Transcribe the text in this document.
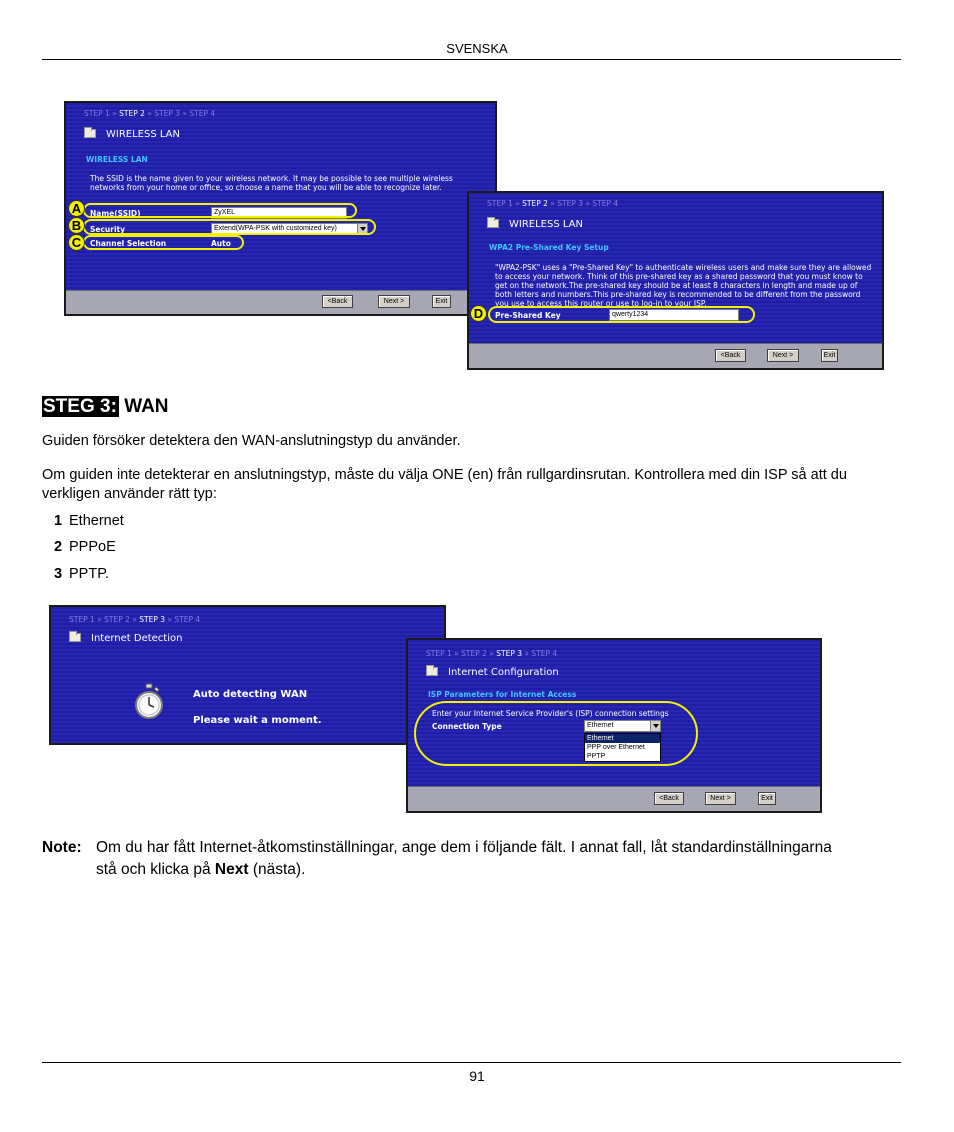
SVENSKA
STEP 1 » STEP 2 » STEP 3 » STEP 4
WIRELESS LAN
WIRELESS LAN
The SSID is the name given to your wireless network. It may be possible to see multiple wireless networks from your home or office, so choose a name that you will be able to recognize later.
Name(SSID)	ZyXEL
Security	Extend(WPA-PSK with customized key)
Channel Selection	Auto
<Back	Next >	Exit
A
B
C
STEP 1 » STEP 2 » STEP 3 » STEP 4
WIRELESS LAN
WPA2 Pre-Shared Key Setup
"WPA2-PSK" uses a "Pre-Shared Key" to authenticate wireless users and make sure they are allowed to access your network. Think of this pre-shared key as a shared password that you must know to get on the network.The pre-shared key should be at least 8 characters in length and made up of both letters and numbers.This pre-shared key is recommended to be different from the password you use to access this router or use to log-in to your ISP.
Pre-Shared Key	qwerty1234
<Back	Next >	Exit
D
STEG 3: WAN
Guiden försöker detektera den WAN-anslutningstyp du använder.
Om guiden inte detekterar en anslutningstyp, måste du välja ONE (en) från rullgardinsrutan. Kontrollera med din ISP så att du verkligen använder rätt typ:
1 Ethernet
2 PPPoE
3 PPTP.
STEP 1 » STEP 2 » STEP 3 » STEP 4
Internet Detection
Auto detecting WAN
Please wait a moment.
STEP 1 » STEP 2 » STEP 3 » STEP 4
Internet Configuration
ISP Parameters for Internet Access
Enter your Internet Service Provider's (ISP) connection settings
Connection Type	Ethernet
Ethernet
PPP over Ethernet
PPTP
<Back	Next >	Exit
Note: Om du har fått Internet-åtkomstinställningar, ange dem i följande fält. I annat fall, låt standardinställningarna stå och klicka på Next (nästa).
91
